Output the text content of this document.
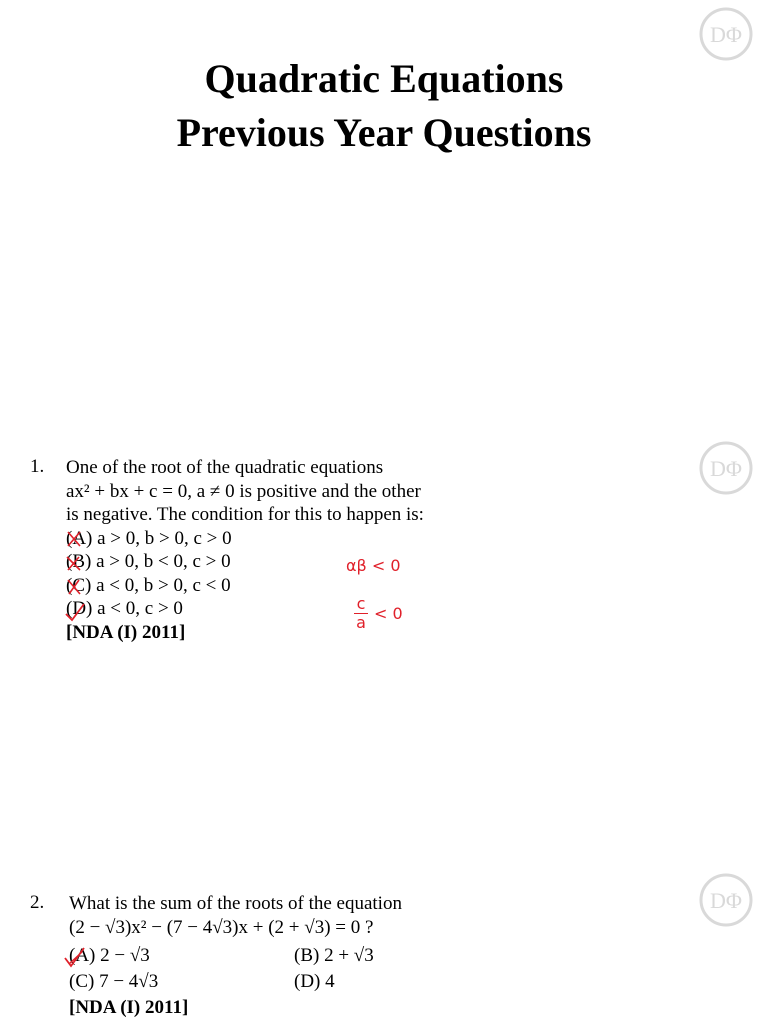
Quadratic Equations
Previous Year Questions
DΦ
DΦ
DΦ
1. One of the root of the quadratic equations
ax² + bx + c = 0, a ≠ 0 is positive and the other
is negative. The condition for this to happen is:
(A) a > 0, b > 0, c > 0
(B) a > 0, b < 0, c > 0
(C) a < 0, b > 0, c < 0
(D) a < 0, c > 0
[NDA (I) 2011]
αβ < 0
c
a < 0
2. What is the sum of the roots of the equation
(2 − √3)x² − (7 − 4√3)x + (2 + √3) = 0 ?
(A) 2 − √3	(B) 2 + √3
(C) 7 − 4√3	(D) 4
[NDA (I) 2011]
